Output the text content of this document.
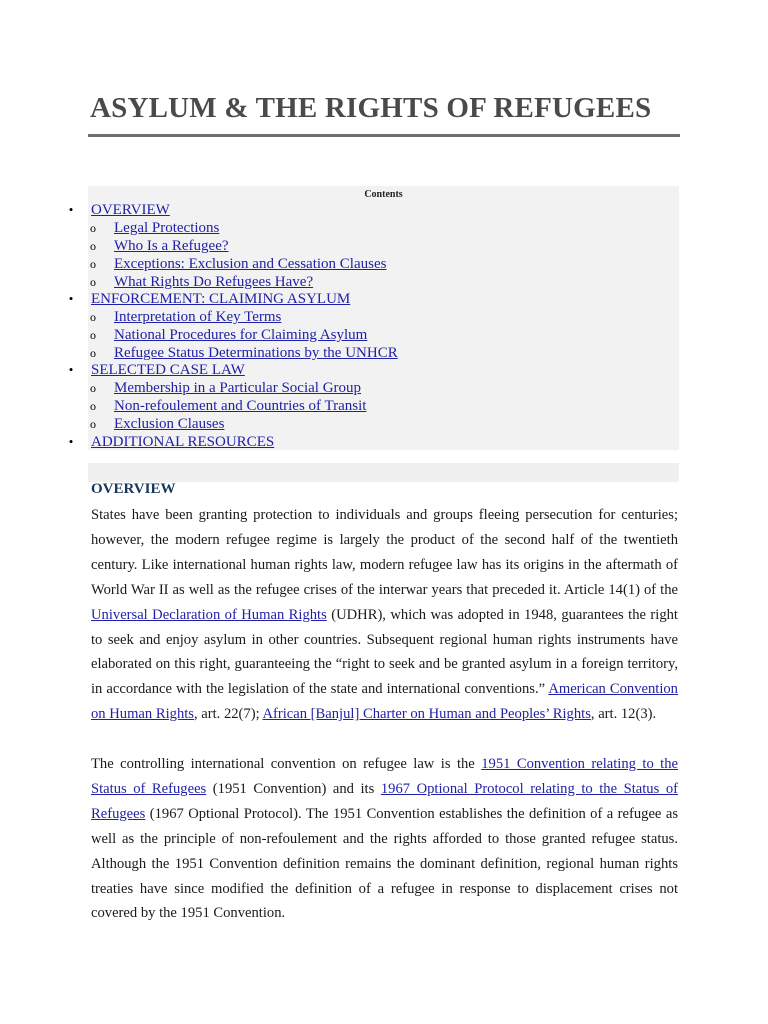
ASYLUM & THE RIGHTS OF REFUGEES
Contents
• OVERVIEW
o Legal Protections
o Who Is a Refugee?
o Exceptions: Exclusion and Cessation Clauses
o What Rights Do Refugees Have?
• ENFORCEMENT: CLAIMING ASYLUM
o Interpretation of Key Terms
o National Procedures for Claiming Asylum
o Refugee Status Determinations by the UNHCR
• SELECTED CASE LAW
o Membership in a Particular Social Group
o Non-refoulement and Countries of Transit
o Exclusion Clauses
• ADDITIONAL RESOURCES
OVERVIEW

States have been granting protection to individuals and groups fleeing persecution for centuries; however, the modern refugee regime is largely the product of the second half of the twentieth century. Like international human rights law, modern refugee law has its origins in the aftermath of World War II as well as the refugee crises of the interwar years that preceded it. Article 14(1) of the Universal Declaration of Human Rights (UDHR), which was adopted in 1948, guarantees the right to seek and enjoy asylum in other countries. Subsequent regional human rights instruments have elaborated on this right, guaranteeing the “right to seek and be granted asylum in a foreign territory, in accordance with the legislation of the state and international conventions.” American Convention on Human Rights, art. 22(7); African [Banjul] Charter on Human and Peoples’ Rights, art. 12(3).

The controlling international convention on refugee law is the 1951 Convention relating to the Status of Refugees (1951 Convention) and its 1967 Optional Protocol relating to the Status of Refugees (1967 Optional Protocol). The 1951 Convention establishes the definition of a refugee as well as the principle of non-refoulement and the rights afforded to those granted refugee status. Although the 1951 Convention definition remains the dominant definition, regional human rights treaties have since modified the definition of a refugee in response to displacement crises not covered by the 1951 Convention.
